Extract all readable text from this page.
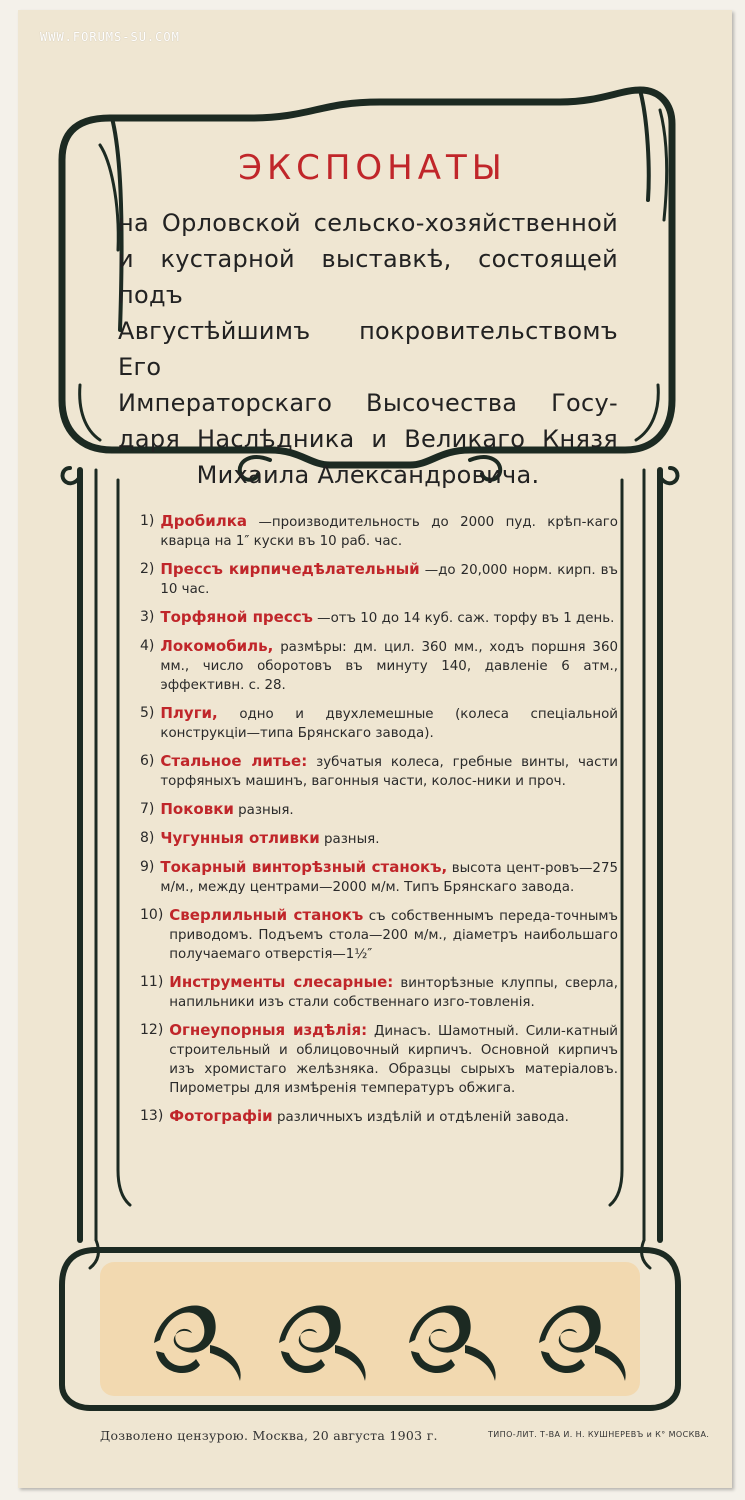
WWW.FORUMS-SU.COM
ЭКСПОНАТЫ
на Орловской сельско-хозяйственной
и кустарной выставкѣ, состоящей подъ
Августѣйшимъ покровительствомъ Его
Императорскаго Высочества Госу-
даря Наслѣдника и Великаго Князя
Михаила Александровича.
1) Дробилка —производительность до 2000 пуд. крѣп-каго кварца на 1″ куски въ 10 раб. час.
2) Прессъ кирпичедѣлательный —до 20,000 норм. кирп. въ 10 час.
3) Торфяной прессъ —отъ 10 до 14 куб. саж. торфу въ 1 день.
4) Локомобиль, размѣры: дм. цил. 360 мм., ходъ поршня 360 мм., число оборотовъ въ минуту 140, давленіе 6 атм., эффективн. с. 28.
5) Плуги, одно и двухлемешные (колеса спеціальной конструкціи—типа Брянскаго завода).
6) Стальное литье: зубчатыя колеса, гребные винты, части торфяныхъ машинъ, вагонныя части, колос-ники и проч.
7) Поковки разныя.
8) Чугунныя отливки разныя.
9) Токарный винторѣзный станокъ, высота цент-ровъ—275 м/м., между центрами—2000 м/м. Типъ Брянскаго завода.
10) Сверлильный станокъ съ собственнымъ переда-точнымъ приводомъ. Подъемъ стола—200 м/м., діаметръ наибольшаго получаемаго отверстія—1½″
11) Инструменты слесарные: винторѣзные клуппы, сверла, напильники изъ стали собственнаго изго-товленія.
12) Огнеупорныя издѣлія: Динасъ. Шамотный. Сили-катный строительный и облицовочный кирпичъ. Основной кирпичъ изъ хромистаго желѣзняка. Образцы сырыхъ матеріаловъ. Пирометры для измѣренія температуръ обжига.
13) Фотографіи различныхъ издѣлій и отдѣленій завода.
Дозволено цензурою. Москва, 20 августа 1903 г.	ТИПО-ЛИТ. Т-ВА И. Н. КУШНЕРЕВЪ и К° МОСКВА.
